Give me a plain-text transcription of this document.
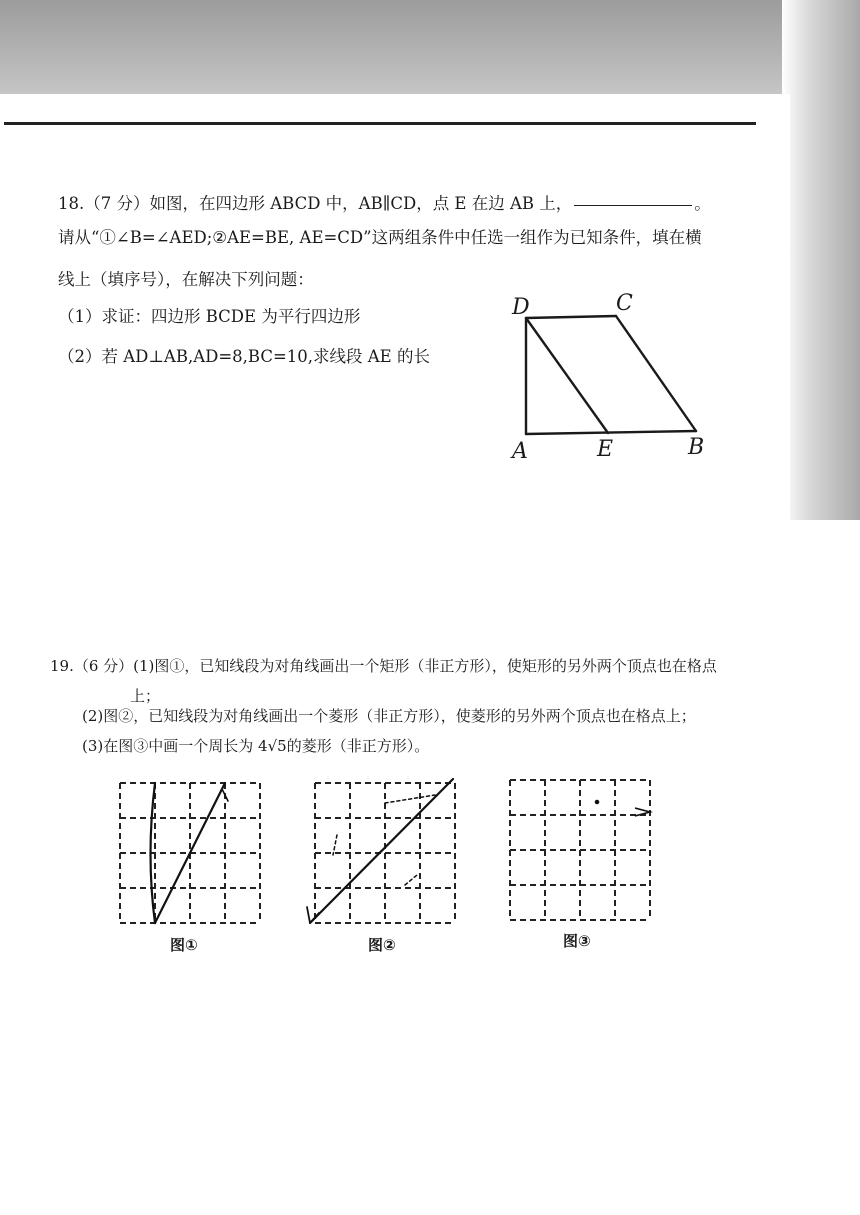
18.（7 分）如图，在四边形 ABCD 中，AB∥CD，点 E 在边 AB 上，	。
请从“①∠B=∠AED;②AE=BE, AE=CD”这两组条件中任选一组作为已知条件，填在横
线上（填序号），在解决下列问题：
（1）求证：四边形 BCDE 为平行四边形
（2）若 AD⊥AB,AD=8,BC=10,求线段 AE 的长
D	C
A	E	B
19.（6 分）(1)图①，已知线段为对角线画出一个矩形（非正方形），使矩形的另外两个顶点也在格点
上；
(2)图②，已知线段为对角线画出一个菱形（非正方形），使菱形的另外两个顶点也在格点上；
(3)在图③中画一个周长为 4√5的菱形（非正方形）。
图①	图②	图③
